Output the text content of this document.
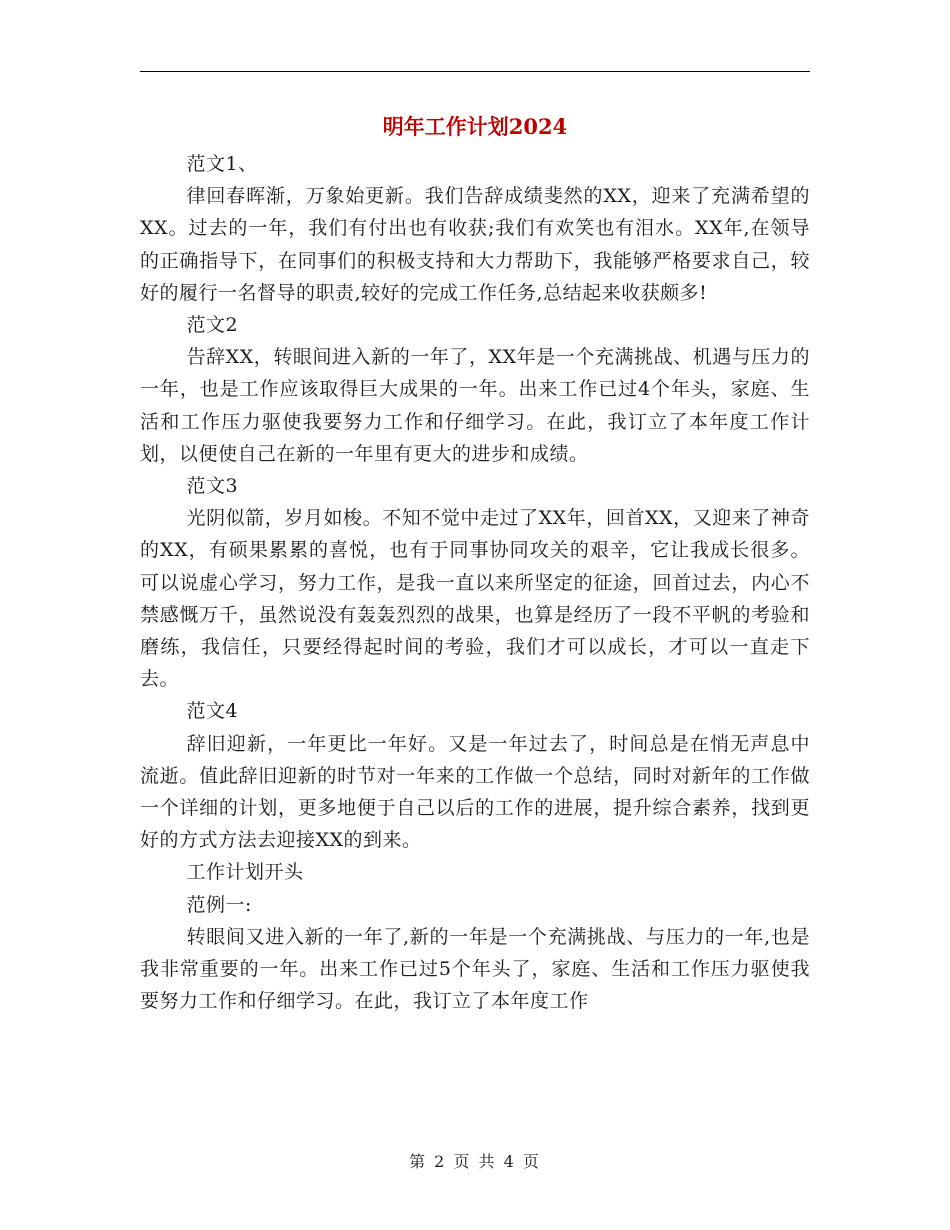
明年工作计划2024

范文1、

律回春晖渐，万象始更新。我们告辞成绩斐然的XX，迎来了充满希望的XX。过去的一年，我们有付出也有收获;我们有欢笑也有泪水。XX年,在领导的正确指导下，在同事们的积极支持和大力帮助下，我能够严格要求自己，较好的履行一名督导的职责,较好的完成工作任务,总结起来收获颇多!

范文2

告辞XX，转眼间进入新的一年了，XX年是一个充满挑战、机遇与压力的一年，也是工作应该取得巨大成果的一年。出来工作已过4个年头，家庭、生活和工作压力驱使我要努力工作和仔细学习。在此，我订立了本年度工作计划，以便使自己在新的一年里有更大的进步和成绩。

范文3

光阴似箭，岁月如梭。不知不觉中走过了XX年，回首XX，又迎来了神奇的XX，有硕果累累的喜悦，也有于同事协同攻关的艰辛，它让我成长很多。可以说虚心学习，努力工作，是我一直以来所坚定的征途，回首过去，内心不禁感慨万千，虽然说没有轰轰烈烈的战果，也算是经历了一段不平帆的考验和磨练，我信任，只要经得起时间的考验，我们才可以成长，才可以一直走下去。

范文4

辞旧迎新，一年更比一年好。又是一年过去了，时间总是在悄无声息中流逝。值此辞旧迎新的时节对一年来的工作做一个总结，同时对新年的工作做一个详细的计划，更多地便于自己以后的工作的进展，提升综合素养，找到更好的方式方法去迎接XX的到来。

工作计划开头

范例一:

转眼间又进入新的一年了,新的一年是一个充满挑战、与压力的一年,也是我非常重要的一年。出来工作已过5个年头了，家庭、生活和工作压力驱使我要努力工作和仔细学习。在此，我订立了本年度工作

第 2 页 共 4 页
